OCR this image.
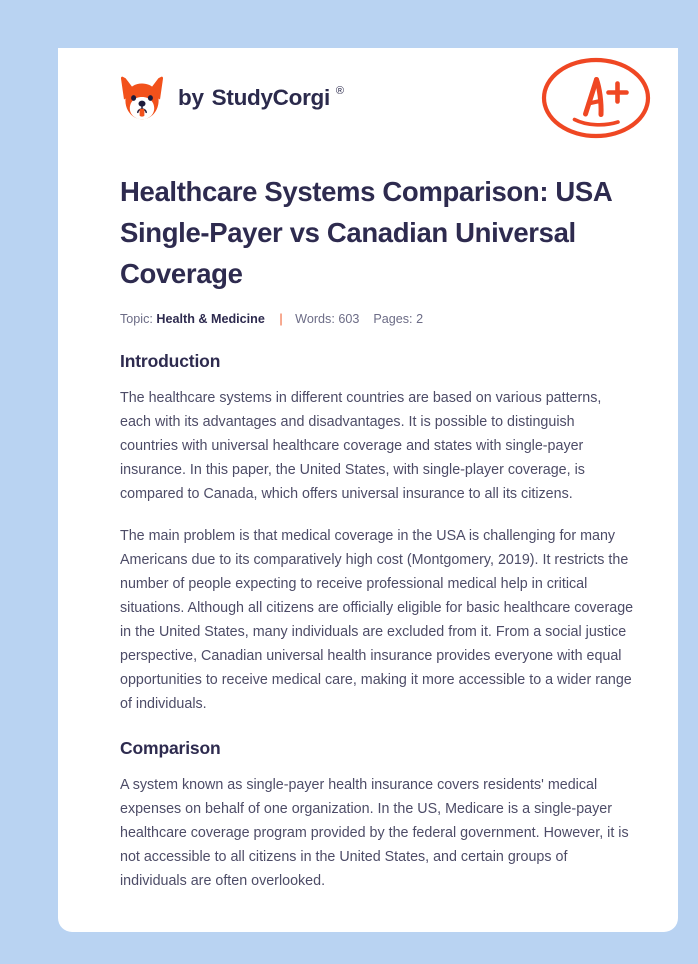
by StudyCorgi ®
Healthcare Systems Comparison: USA Single-Payer vs Canadian Universal Coverage
Topic: Health & Medicine | Words: 603 Pages: 2
Introduction

The healthcare systems in different countries are based on various patterns, each with its advantages and disadvantages. It is possible to distinguish countries with universal healthcare coverage and states with single-payer insurance. In this paper, the United States, with single-player coverage, is compared to Canada, which offers universal insurance to all its citizens.

The main problem is that medical coverage in the USA is challenging for many Americans due to its comparatively high cost (Montgomery, 2019). It restricts the number of people expecting to receive professional medical help in critical situations. Although all citizens are officially eligible for basic healthcare coverage in the United States, many individuals are excluded from it. From a social justice perspective, Canadian universal health insurance provides everyone with equal opportunities to receive medical care, making it more accessible to a wider range of individuals.

Comparison

A system known as single-payer health insurance covers residents' medical expenses on behalf of one organization. In the US, Medicare is a single-payer healthcare coverage program provided by the federal government. However, it is not accessible to all citizens in the United States, and certain groups of individuals are often overlooked.
